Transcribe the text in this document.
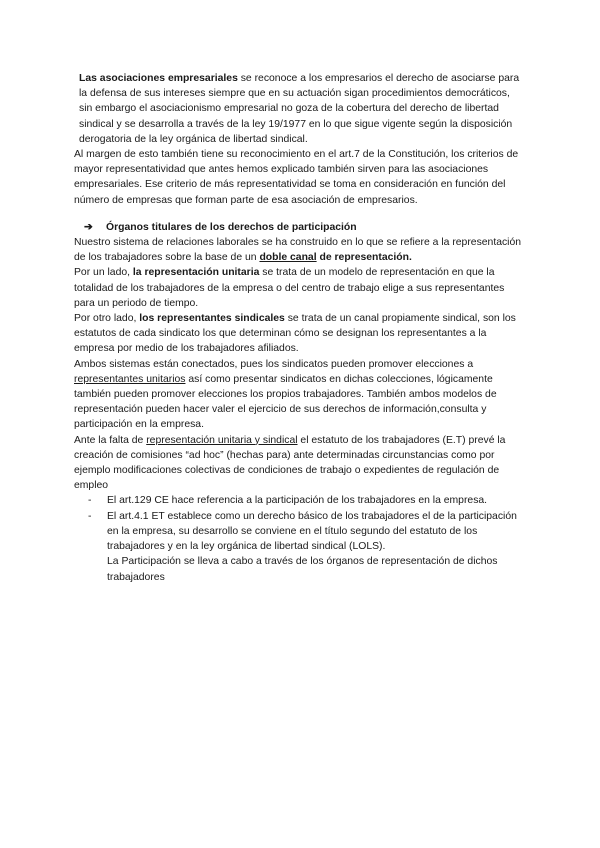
Las asociaciones empresariales se reconoce a los empresarios el derecho de asociarse para la defensa de sus intereses siempre que en su actuación sigan procedimientos democráticos, sin embargo el asociacionismo empresarial no goza de la cobertura del derecho de libertad sindical y se desarrolla a través de la ley 19/1977 en lo que sigue vigente según la disposición derogatoria de la ley orgánica de libertad sindical.

Al margen de esto también tiene su reconocimiento en el art.7 de la Constitución, los criterios de mayor representatividad que antes hemos explicado también sirven para las asociaciones empresariales. Ese criterio de más representatividad se toma en consideración en función del número de empresas que forman parte de esa asociación de empresarios.

➔ Órganos titulares de los derechos de participación

Nuestro sistema de relaciones laborales se ha construido en lo que se refiere a la representación de los trabajadores sobre la base de un doble canal de representación.

Por un lado, la representación unitaria se trata de un modelo de representación en que la totalidad de los trabajadores de la empresa o del centro de trabajo elige a sus representantes para un periodo de tiempo.

Por otro lado, los representantes sindicales se trata de un canal propiamente sindical, son los estatutos de cada sindicato los que determinan cómo se designan los representantes a la empresa por medio de los trabajadores afiliados.

Ambos sistemas están conectados, pues los sindicatos pueden promover elecciones a representantes unitarios así como presentar sindicatos en dichas colecciones, lógicamente también pueden promover elecciones los propios trabajadores. También ambos modelos de representación pueden hacer valer el ejercicio de sus derechos de información,consulta y participación en la empresa.

Ante la falta de representación unitaria y sindical el estatuto de los trabajadores (E.T) prevé la creación de comisiones “ad hoc” (hechas para) ante determinadas circunstancias como por ejemplo modificaciones colectivas de condiciones de trabajo o expedientes de regulación de empleo

- El art.129 CE hace referencia a la participación de los trabajadores en la empresa.
- El art.4.1 ET establece como un derecho básico de los trabajadores el de la participación en la empresa, su desarrollo se conviene en el título segundo del estatuto de los trabajadores y en la ley orgánica de libertad sindical (LOLS).

La Participación se lleva a cabo a través de los órganos de representación de dichos trabajadores
